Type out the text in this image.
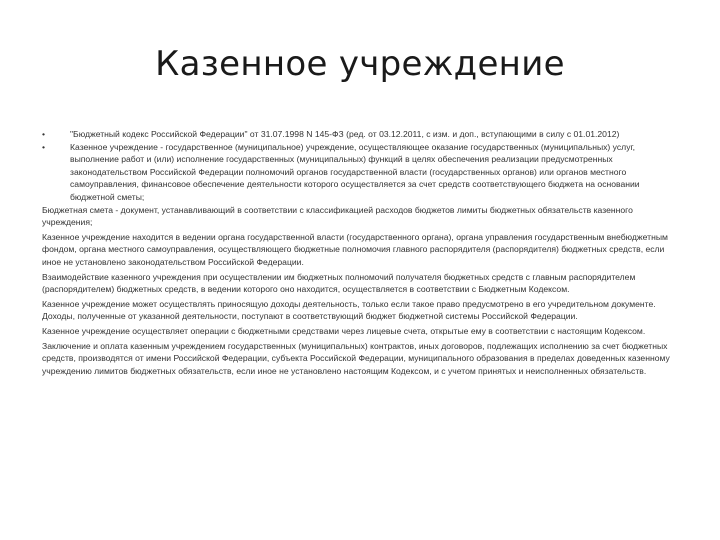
Казенное учреждение
•	"Бюджетный кодекс Российской Федерации" от 31.07.1998 N 145-ФЗ (ред. от 03.12.2011, с изм. и доп., вступающими в силу с 01.01.2012)
•	Казенное учреждение - государственное (муниципальное) учреждение, осуществляющее оказание государственных (муниципальных) услуг, выполнение работ и (или) исполнение государственных (муниципальных) функций в целях обеспечения реализации предусмотренных законодательством Российской Федерации полномочий органов государственной власти (государственных органов) или органов местного самоуправления, финансовое обеспечение деятельности которого осуществляется за счет средств соответствующего бюджета на основании бюджетной сметы;

Бюджетная смета - документ, устанавливающий в соответствии с классификацией расходов бюджетов лимиты бюджетных обязательств казенного учреждения;

Казенное учреждение находится в ведении органа государственной власти (государственного органа), органа управления государственным внебюджетным фондом, органа местного самоуправления, осуществляющего бюджетные полномочия главного распорядителя (распорядителя) бюджетных средств, если иное не установлено законодательством Российской Федерации.

Взаимодействие казенного учреждения при осуществлении им бюджетных полномочий получателя бюджетных средств с главным распорядителем (распорядителем) бюджетных средств, в ведении которого оно находится, осуществляется в соответствии с Бюджетным Кодексом.

Казенное учреждение может осуществлять приносящую доходы деятельность, только если такое право предусмотрено в его учредительном документе. Доходы, полученные от указанной деятельности, поступают в соответствующий бюджет бюджетной системы Российской Федерации.

Казенное учреждение осуществляет операции с бюджетными средствами через лицевые счета, открытые ему в соответствии с настоящим Кодексом.

Заключение и оплата казенным учреждением государственных (муниципальных) контрактов, иных договоров, подлежащих исполнению за счет бюджетных средств, производятся от имени Российской Федерации, субъекта Российской Федерации, муниципального образования в пределах доведенных казенному учреждению лимитов бюджетных обязательств, если иное не установлено настоящим Кодексом, и с учетом принятых и неисполненных обязательств.
